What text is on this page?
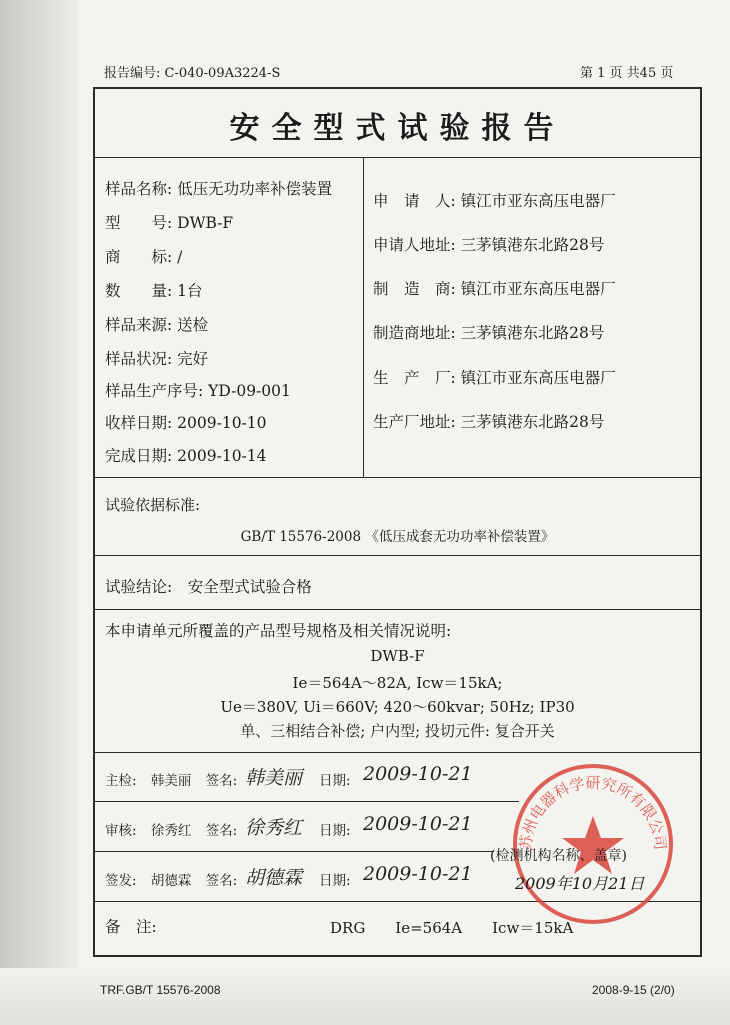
报告编号: C-040-09A3224-S	第 1 页 共45 页
安全型式试验报告
样品名称: 低压无功功率补偿装置
型　　号: DWB-F
商　　标: /
数　　量: 1台
样品来源: 送检
样品状况: 完好
样品生产序号: YD-09-001
收样日期: 2009-10-10
完成日期: 2009-10-14
申　请　人: 镇江市亚东高压电器厂
申请人地址: 三茅镇港东北路28号
制　造　商: 镇江市亚东高压电器厂
制造商地址: 三茅镇港东北路28号
生　产　厂: 镇江市亚东高压电器厂
生产厂地址: 三茅镇港东北路28号
试验依据标准:
GB/T 15576-2008 《低压成套无功功率补偿装置》
试验结论:　安全型式试验合格
本申请单元所覆盖的产品型号规格及相关情况说明:
DWB-F
Ie＝564A～82A, Icw＝15kA;
Ue＝380V, Ui＝660V; 420～60kvar; 50Hz; IP30
单、三相结合补偿; 户内型; 投切元件: 复合开关
主检: 韩美丽 签名: 韩美丽 日期: 2009-10-21
审核: 徐秀红 签名: 徐秀红 日期: 2009-10-21
签发: 胡德霖 签名: 胡德霖 日期: 2009-10-21
备　注:	DRG　　Ie=564A　　Icw＝15kA
苏州电器科学研究所有限公司
(检测机构名称、盖章)
2009年10月21日
TRF.GB/T 15576-2008	2008-9-15 (2/0)
